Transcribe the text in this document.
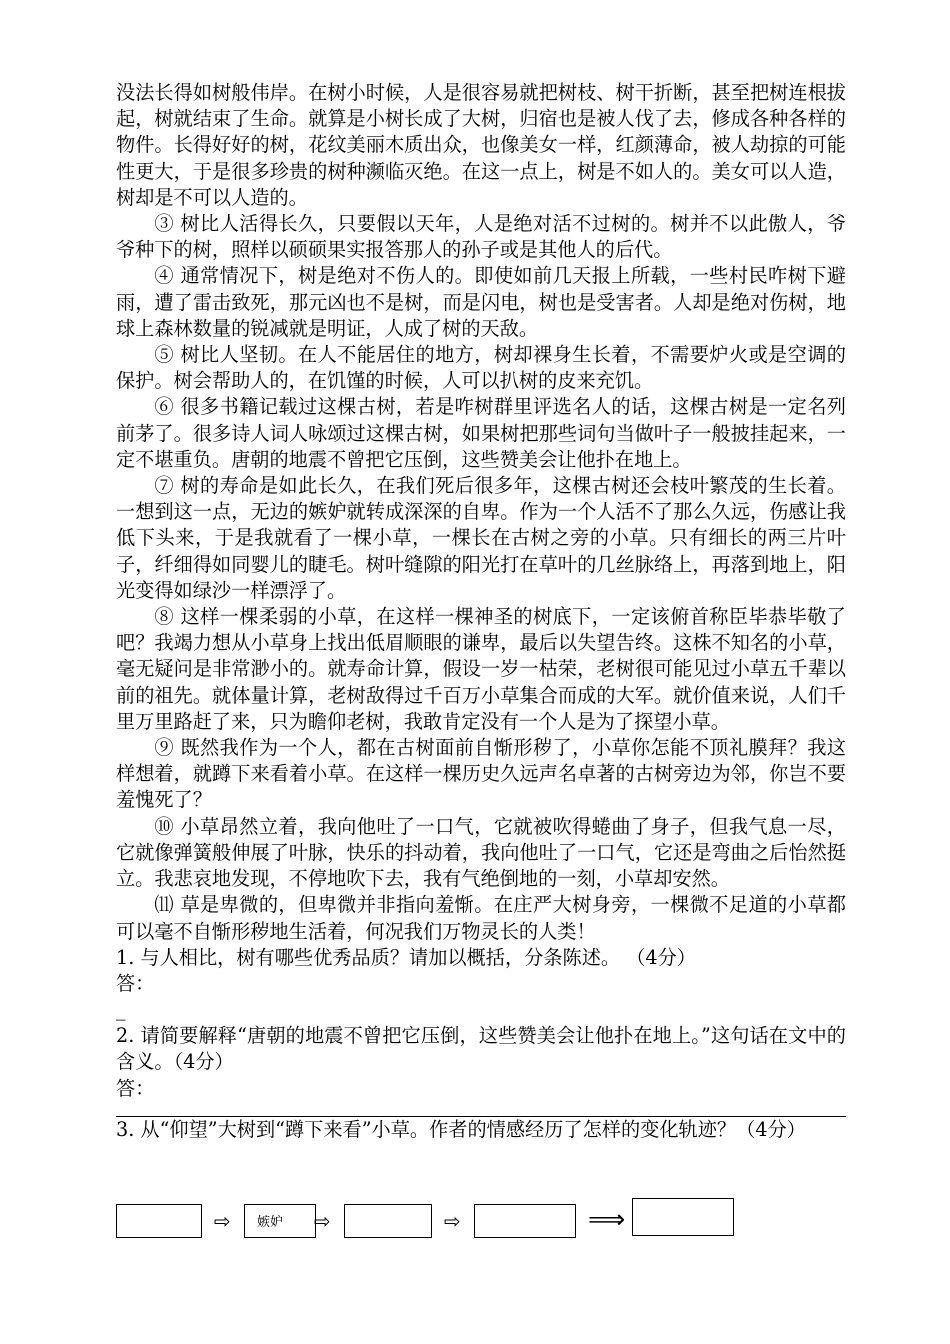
没法长得如树般伟岸。在树小时候，人是很容易就把树枝、树干折断，甚至把树连根拔起，树就结束了生命。就算是小树长成了大树，归宿也是被人伐了去，修成各种各样的物件。长得好好的树，花纹美丽木质出众，也像美女一样，红颜薄命，被人劫掠的可能性更大，于是很多珍贵的树种濒临灭绝。在这一点上，树是不如人的。美女可以人造，树却是不可以人造的。

③ 树比人活得长久，只要假以天年，人是绝对活不过树的。树并不以此傲人，爷爷种下的树，照样以硕硕果实报答那人的孙子或是其他人的后代。

④ 通常情况下，树是绝对不伤人的。即使如前几天报上所载，一些村民咋树下避雨，遭了雷击致死，那元凶也不是树，而是闪电，树也是受害者。人却是绝对伤树，地球上森林数量的锐减就是明证，人成了树的天敌。

⑤ 树比人坚韧。在人不能居住的地方，树却裸身生长着，不需要炉火或是空调的保护。树会帮助人的，在饥馑的时候，人可以扒树的皮来充饥。

⑥ 很多书籍记载过这棵古树，若是咋树群里评选名人的话，这棵古树是一定名列前茅了。很多诗人词人咏颂过这棵古树，如果树把那些词句当做叶子一般披挂起来，一定不堪重负。唐朝的地震不曾把它压倒，这些赞美会让他扑在地上。

⑦ 树的寿命是如此长久，在我们死后很多年，这棵古树还会枝叶繁茂的生长着。一想到这一点，无边的嫉妒就转成深深的自卑。作为一个人活不了那么久远，伤感让我低下头来，于是我就看了一棵小草，一棵长在古树之旁的小草。只有细长的两三片叶子，纤细得如同婴儿的睫毛。树叶缝隙的阳光打在草叶的几丝脉络上，再落到地上，阳光变得如绿沙一样漂浮了。

⑧ 这样一棵柔弱的小草，在这样一棵神圣的树底下，一定该俯首称臣毕恭毕敬了吧？我竭力想从小草身上找出低眉顺眼的谦卑，最后以失望告终。这株不知名的小草，毫无疑问是非常渺小的。就寿命计算，假设一岁一枯荣，老树很可能见过小草五千辈以前的祖先。就体量计算，老树敌得过千百万小草集合而成的大军。就价值来说，人们千里万里路赶了来，只为瞻仰老树，我敢肯定没有一个人是为了探望小草。

⑨ 既然我作为一个人，都在古树面前自惭形秽了，小草你怎能不顶礼膜拜？我这样想着，就蹲下来看着小草。在这样一棵历史久远声名卓著的古树旁边为邻，你岂不要羞愧死了？

⑩ 小草昂然立着，我向他吐了一口气，它就被吹得蜷曲了身子，但我气息一尽，它就像弹簧般伸展了叶脉，快乐的抖动着，我向他吐了一口气，它还是弯曲之后怡然挺立。我悲哀地发现，不停地吹下去，我有气绝倒地的一刻，小草却安然。

⑾ 草是卑微的，但卑微并非指向羞惭。在庄严大树身旁，一棵微不足道的小草都可以毫不自惭形秽地生活着，何况我们万物灵长的人类！

1. 与人相比，树有哪些优秀品质？请加以概括，分条陈述。 （4分）

答：

_

2. 请简要解释“唐朝的地震不曾把它压倒，这些赞美会让他扑在地上。”这句话在文中的含义。（4分）

答：

3. 从“仰望”大树到“蹲下来看”小草。作者的情感经历了怎样的变化轨迹？（4分）

⇨	嫉妒	⇨	⇨	⟹
